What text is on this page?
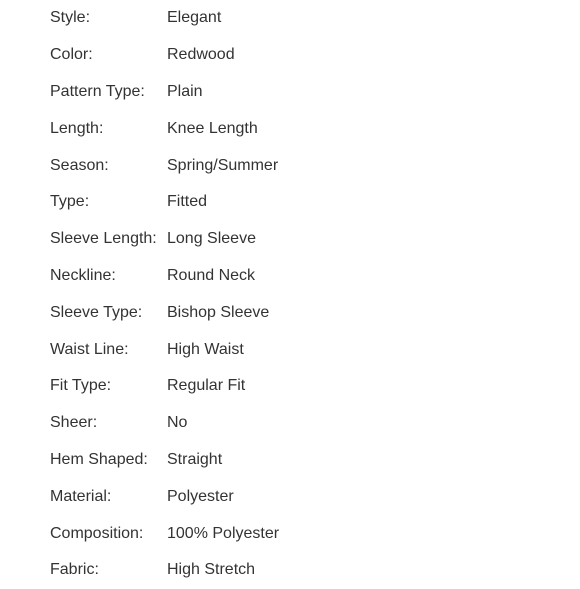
Style:	Elegant
Color:	Redwood
Pattern Type:	Plain
Length:	Knee Length
Season:	Spring/Summer
Type:	Fitted
Sleeve Length: Long Sleeve
Neckline:	Round Neck
Sleeve Type:	Bishop Sleeve
Waist Line:	High Waist
Fit Type:	Regular Fit
Sheer:	No
Hem Shaped:	Straight
Material:	Polyester
Composition:	100% Polyester
Fabric:	High Stretch
